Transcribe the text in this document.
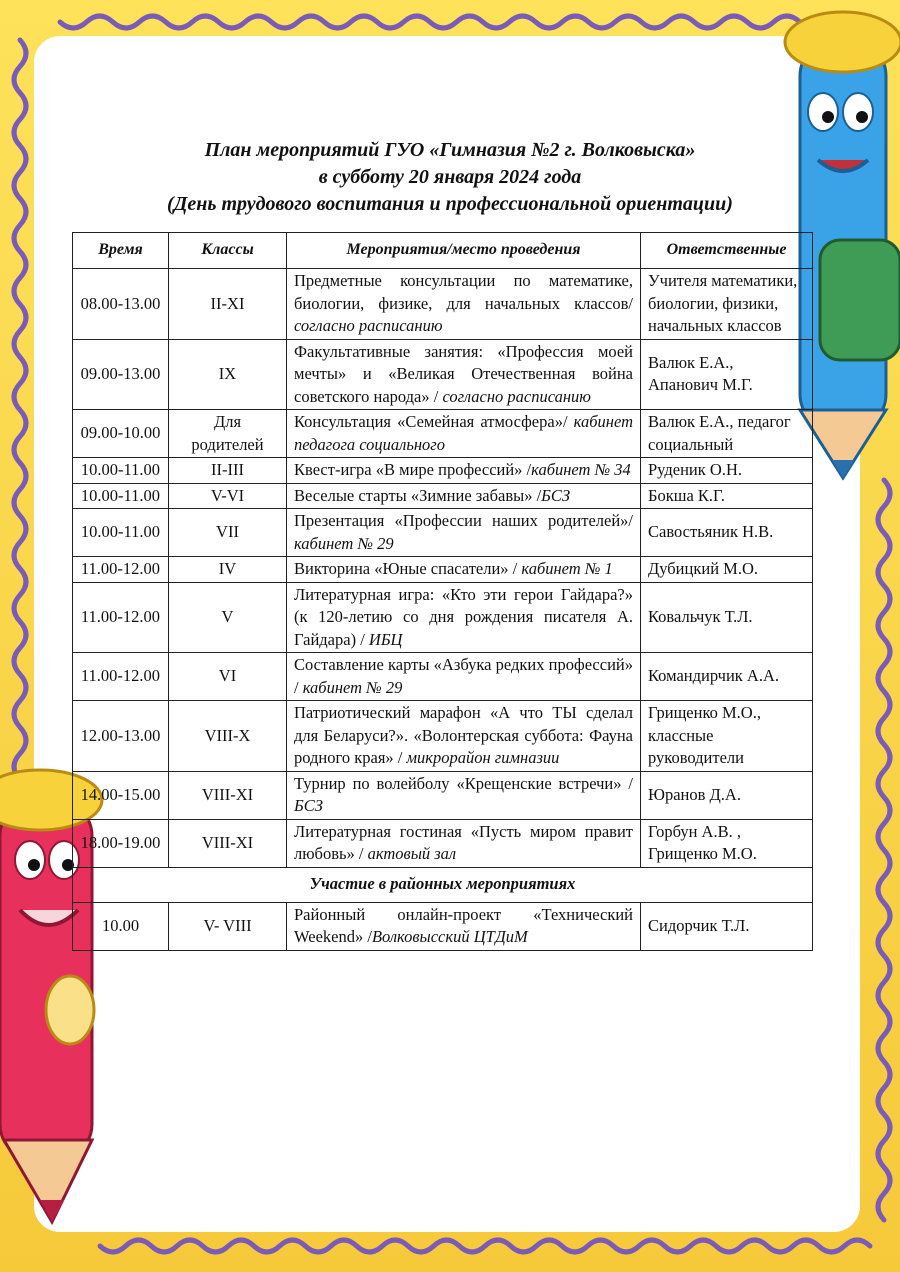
План мероприятий ГУО «Гимназия №2 г. Волковыска»
в субботу 20 января 2024 года
(День трудового воспитания и профессиональной ориентации)
Время	Классы	Мероприятия/место проведения	Ответственные
08.00-13.00	II-XI	Предметные консультации по математике, биологии, физике, для начальных классов/ согласно расписанию	Учителя математики, биологии, физики, начальных классов
09.00-13.00	IX	Факультативные занятия: «Профессия моей мечты» и «Великая Отечественная война советского народа» / согласно расписанию	Валюк Е.А., Апанович М.Г.
09.00-10.00	Для родителей	Консультация «Семейная атмосфера»/ кабинет педагога социального	Валюк Е.А., педагог социальный
10.00-11.00	II-III	Квест-игра «В мире профессий» /кабинет № 34	Руденик О.Н.
10.00-11.00	V-VI	Веселые старты «Зимние забавы» /БСЗ	Бокша К.Г.
10.00-11.00	VII	Презентация «Профессии наших родителей»/ кабинет № 29	Савостьяник Н.В.
11.00-12.00	IV	Викторина «Юные спасатели» / кабинет № 1	Дубицкий М.О.
11.00-12.00	V	Литературная игра: «Кто эти герои Гайдара?» (к 120-летию со дня рождения писателя А. Гайдара) / ИБЦ	Ковальчук Т.Л.
11.00-12.00	VI	Составление карты «Азбука редких профессий» / кабинет № 29	Командирчик А.А.
12.00-13.00	VIII-X	Патриотический марафон «А что ТЫ сделал для Беларуси?». «Волонтерская суббота: Фауна родного края» / микрорайон гимназии	Грищенко М.О., классные руководители
14.00-15.00	VIII-XI	Турнир по волейболу «Крещенские встречи» /БСЗ	Юранов Д.А.
18.00-19.00	VIII-XI	Литературная гостиная «Пусть миром правит любовь» / актовый зал	Горбун А.В. , Грищенко М.О.
Участие в районных мероприятиях			
10.00	V- VIII	Районный онлайн-проект «Технический Weekend» /Волковысский ЦТДиМ	Сидорчик Т.Л.
